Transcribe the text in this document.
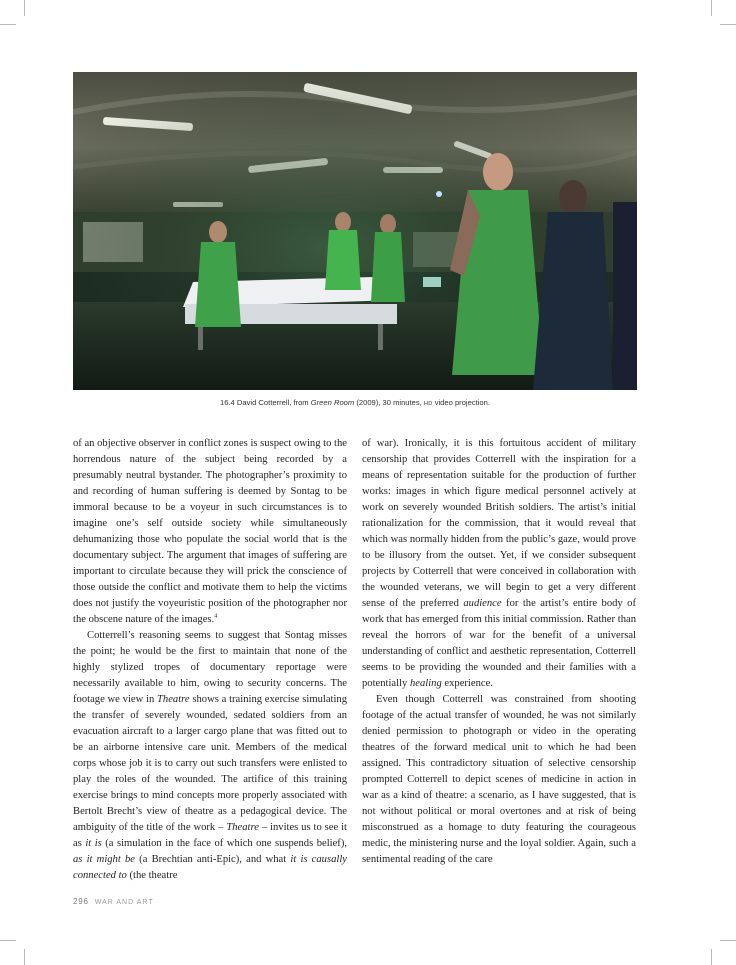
16.4 David Cotterrell, from Green Room (2009), 30 minutes, HD video projection.

of an objective observer in conflict zones is suspect owing to the horrendous nature of the subject being recorded by a presumably neutral bystander. The photographer’s proximity to and recording of human suffering is deemed by Sontag to be immoral because to be a voyeur in such circumstances is to imagine one’s self outside society while simultaneously dehumanizing those who populate the social world that is the documentary subject. The argument that images of suffering are important to circulate because they will prick the conscience of those outside the conflict and motivate them to help the victims does not justify the voyeuristic position of the photographer nor the obscene nature of the images.$^4$

Cotterrell’s reasoning seems to suggest that Sontag misses the point; he would be the first to maintain that none of the highly stylized tropes of documentary reportage were necessarily available to him, owing to security concerns. The footage we view in Theatre shows a training exercise simulating the transfer of severely wounded, sedated soldiers from an evacuation aircraft to a larger cargo plane that was fitted out to be an airborne intensive care unit. Members of the medical corps whose job it is to carry out such transfers were enlisted to play the roles of the wounded. The artifice of this training exercise brings to mind concepts more properly associated with Bertolt Brecht’s view of theatre as a pedagogical device. The ambiguity of the title of the work – Theatre – invites us to see it as it is (a simulation in the face of which one suspends belief), as it might be (a Brechtian anti-Epic), and what it is causally connected to (the theatre

of war). Ironically, it is this fortuitous accident of military censorship that provides Cotterrell with the inspiration for a means of representation suitable for the production of further works: images in which figure medical personnel actively at work on severely wounded British soldiers. The artist’s initial rationalization for the commission, that it would reveal that which was normally hidden from the public’s gaze, would prove to be illusory from the outset. Yet, if we consider subsequent projects by Cotterrell that were conceived in collaboration with the wounded veterans, we will begin to get a very different sense of the preferred audience for the artist’s entire body of work that has emerged from this initial commission. Rather than reveal the horrors of war for the benefit of a universal understanding of conflict and aesthetic representation, Cotterrell seems to be providing the wounded and their families with a potentially healing experience.

Even though Cotterrell was constrained from shooting footage of the actual transfer of wounded, he was not similarly denied permission to photograph or video in the operating theatres of the forward medical unit to which he had been assigned. This contradictory situation of selective censorship prompted Cotterrell to depict scenes of medicine in action in war as a kind of theatre: a scenario, as I have suggested, that is not without political or moral overtones and at risk of being misconstrued as a homage to duty featuring the courageous medic, the ministering nurse and the loyal soldier. Again, such a sentimental reading of the care

296 WAR AND ART
